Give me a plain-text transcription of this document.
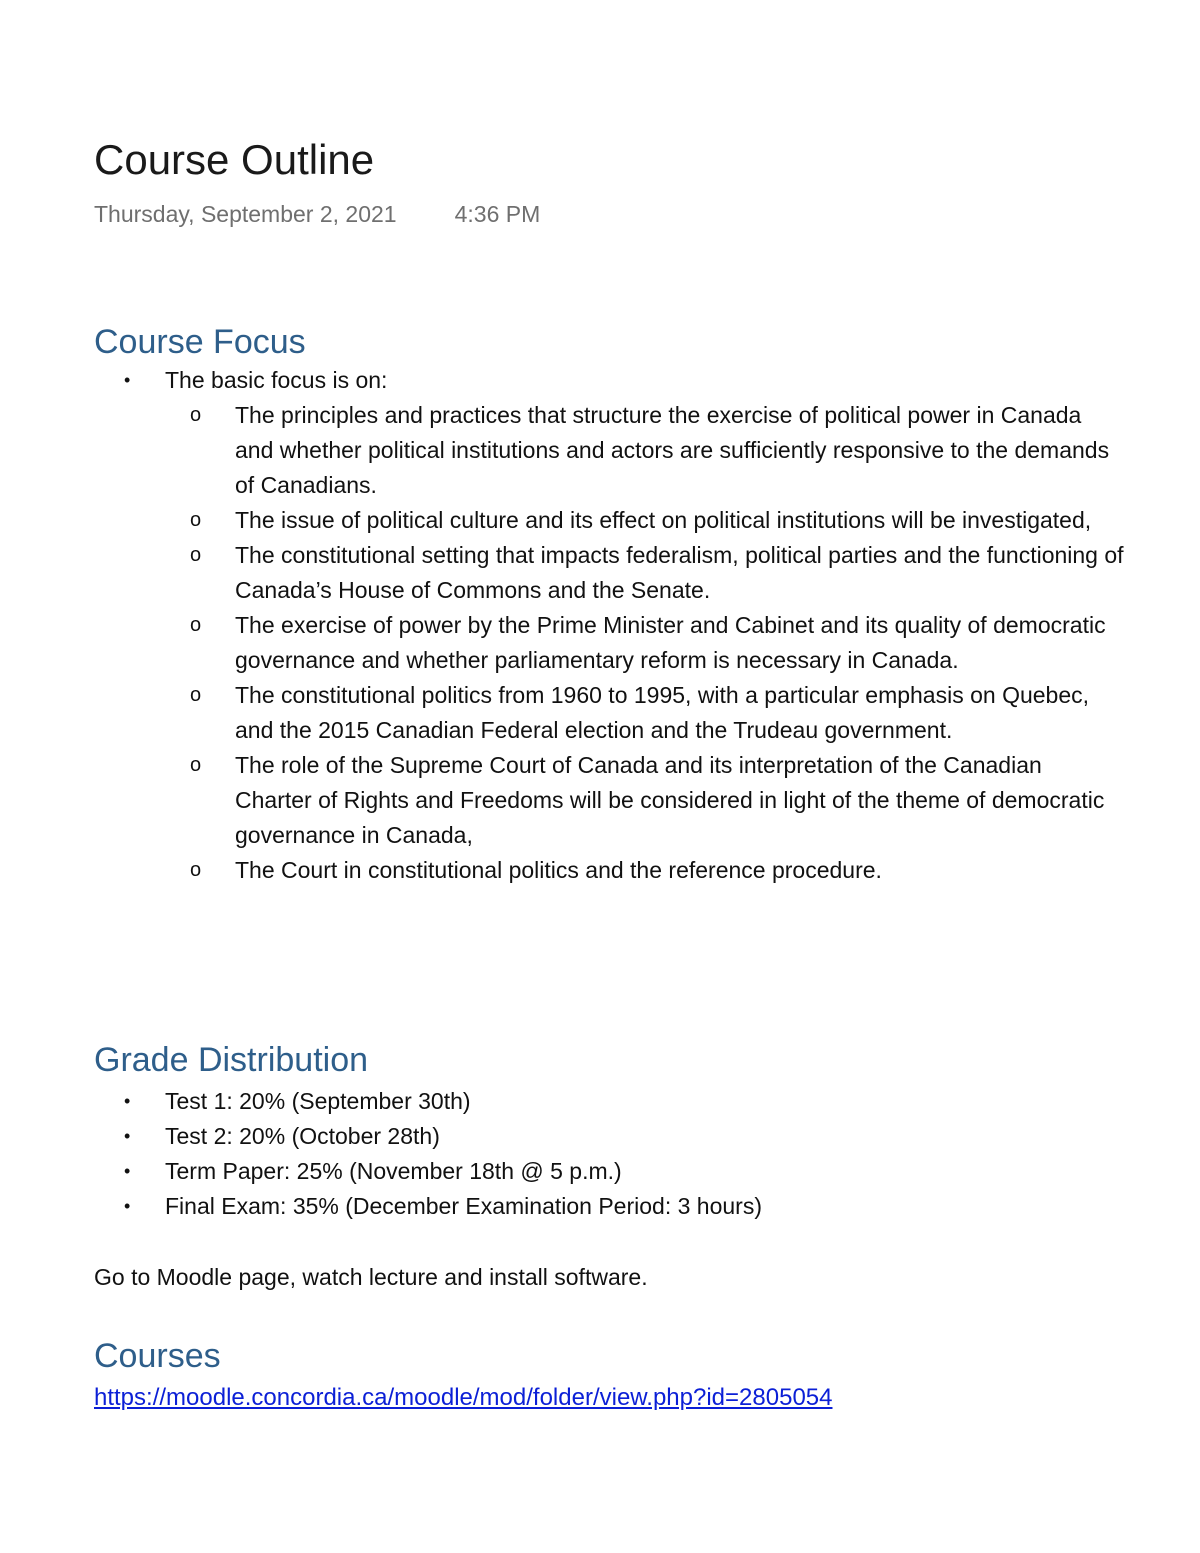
Course Outline
Thursday, September 2, 2021	4:36 PM
Course Focus
• The basic focus is on:
o The principles and practices that structure the exercise of political power in Canada and whether political institutions and actors are sufficiently responsive to the demands of Canadians.
o The issue of political culture and its effect on political institutions will be investigated,
o The constitutional setting that impacts federalism, political parties and the functioning of Canada’s House of Commons and the Senate.
o The exercise of power by the Prime Minister and Cabinet and its quality of democratic governance and whether parliamentary reform is necessary in Canada.
o The constitutional politics from 1960 to 1995, with a particular emphasis on Quebec, and the 2015 Canadian Federal election and the Trudeau government.
o The role of the Supreme Court of Canada and its interpretation of the Canadian Charter of Rights and Freedoms will be considered in light of the theme of democratic governance in Canada,
o The Court in constitutional politics and the reference procedure.
Grade Distribution
• Test 1: 20% (September 30th)
• Test 2: 20% (October 28th)
• Term Paper: 25% (November 18th @ 5 p.m.)
• Final Exam: 35% (December Examination Period: 3 hours)
Go to Moodle page, watch lecture and install software.
Courses
https://moodle.concordia.ca/moodle/mod/folder/view.php?id=2805054
